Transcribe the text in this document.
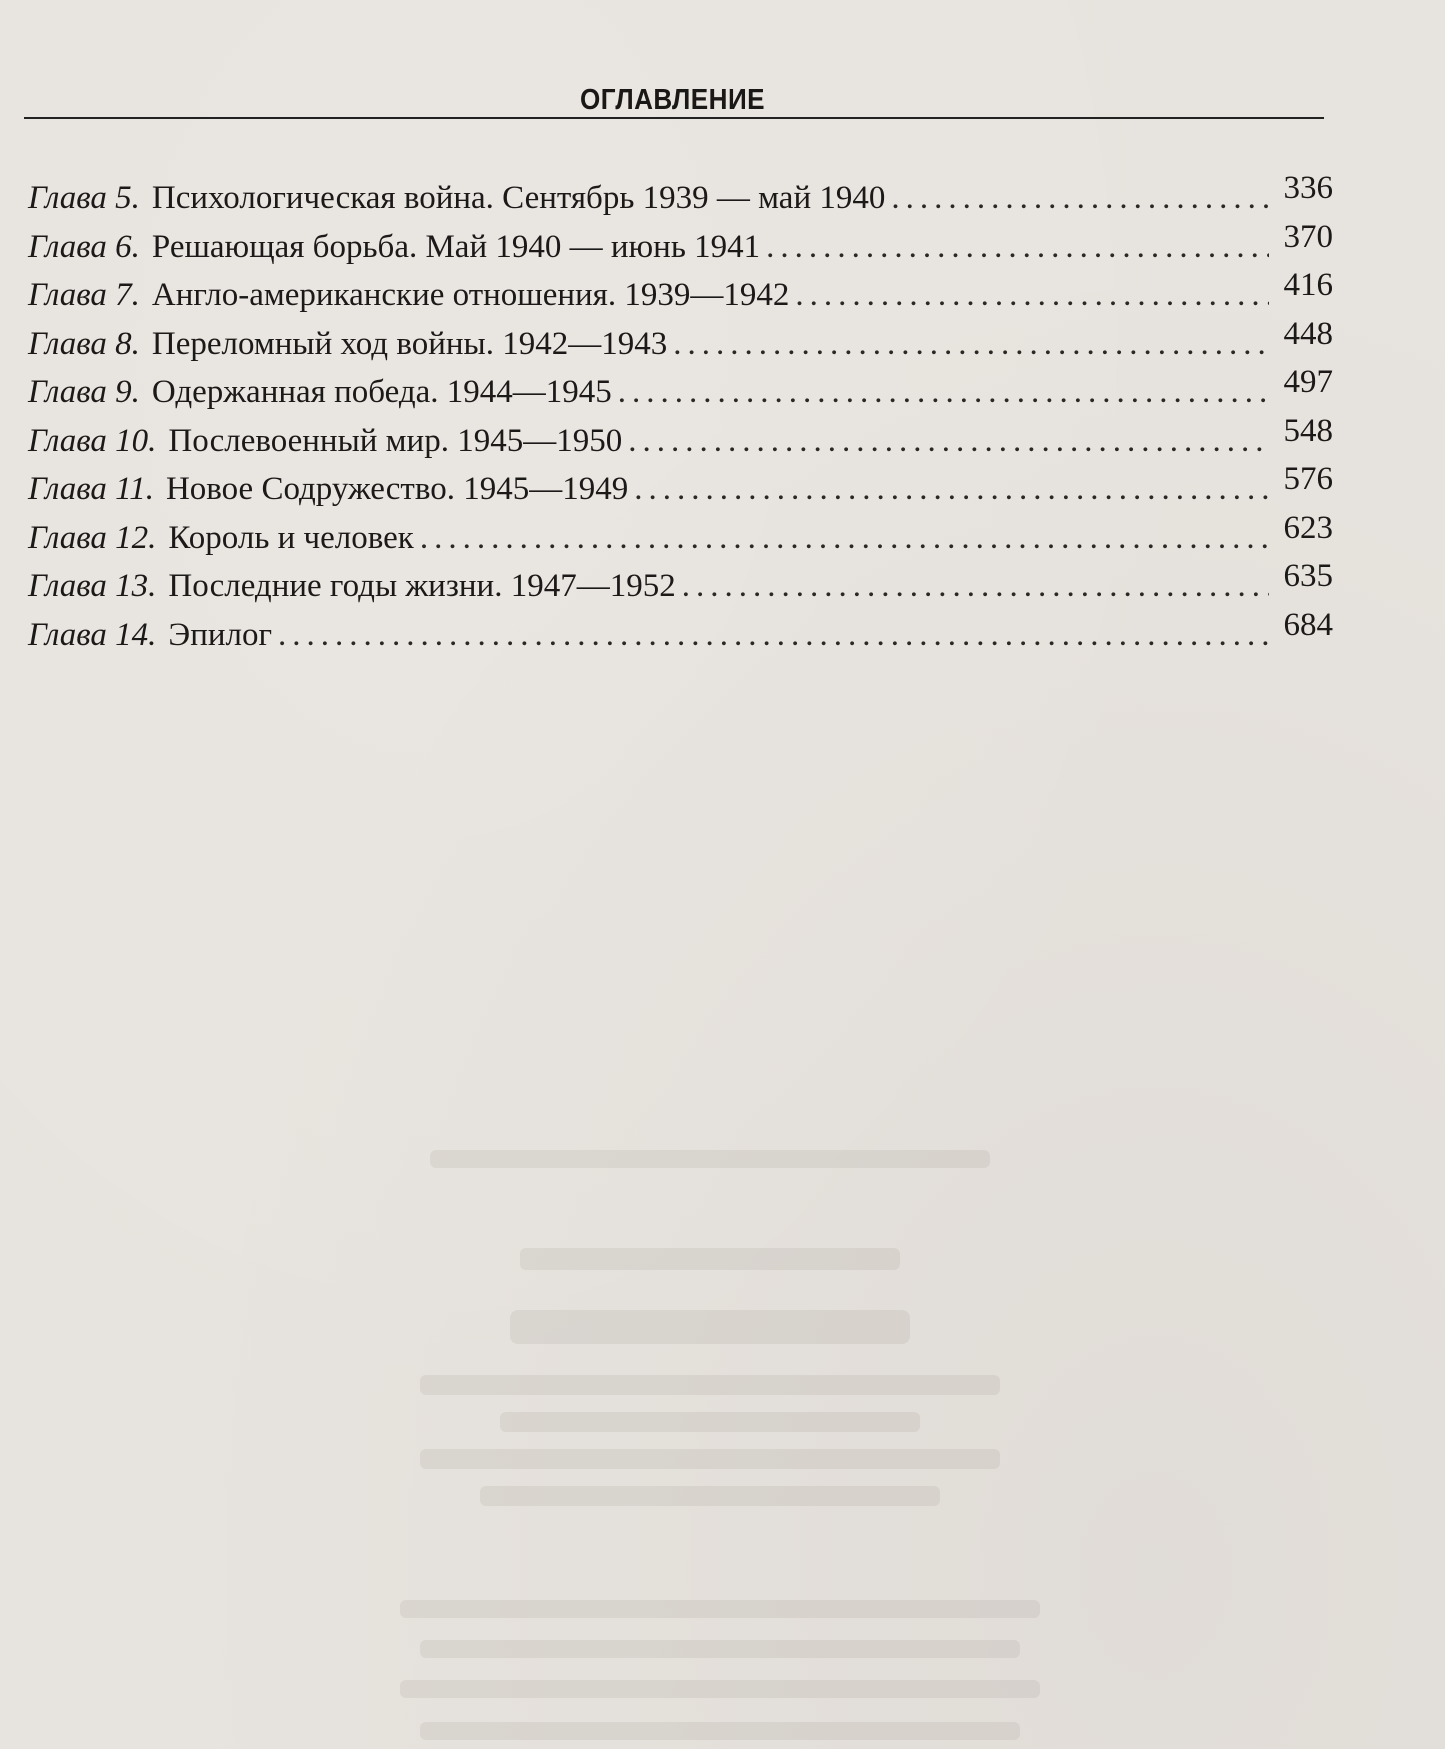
ОГЛАВЛЕНИЕ
Глава 5. Психологическая война. Сентябрь 1939 — май 1940 .....	336
Глава 6. Решающая борьба. Май 1940 — июнь 1941 .....	370
Глава 7. Англо-американские отношения. 1939—1942 .....	416
Глава 8. Переломный ход войны. 1942—1943 .....	448
Глава 9. Одержанная победа. 1944—1945 .....	497
Глава 10. Послевоенный мир. 1945—1950 .....	548
Глава 11. Новое Содружество. 1945—1949 .....	576
Глава 12. Король и человек .....	623
Глава 13. Последние годы жизни. 1947—1952 .....	635
Глава 14. Эпилог .....	684
